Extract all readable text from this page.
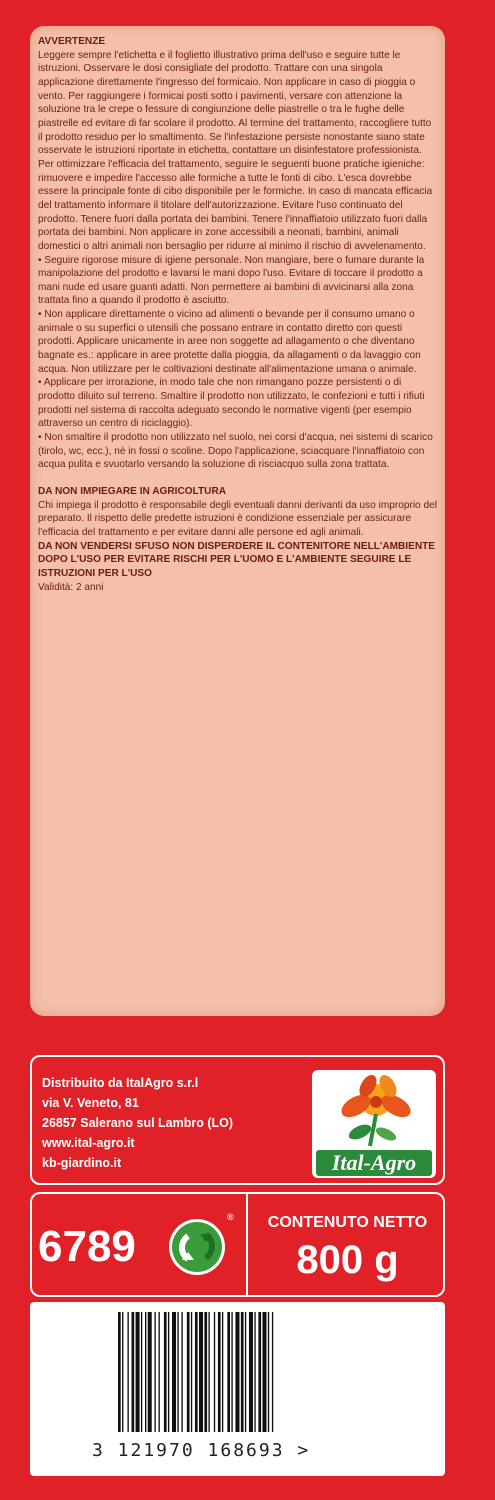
AVVERTENZE

Leggere sempre l'etichetta e il foglietto illustrativo prima dell'uso e seguire tutte le istruzioni. Osservare le dosi consigliate del prodotto. Trattare con una singola applicazione direttamente l'ingresso del formicaio. Non applicare in caso di pioggia o vento. Per raggiungere i formicai posti sotto i pavimenti, versare con attenzione la soluzione tra le crepe o fessure di congiunzione delle piastrelle o tra le fughe delle piastrelle ed evitare di far scolare il prodotto. Al termine del trattamento, raccogliere tutto il prodotto residuo per lo smaltimento. Se l'infestazione persiste nonostante siano state osservate le istruzioni riportate in etichetta, contattare un disinfestatore professionista. Per ottimizzare l'efficacia del trattamento, seguire le seguenti buone pratiche igieniche: rimuovere e impedire l'accesso alle formiche a tutte le fonti di cibo. L'esca dovrebbe essere la principale fonte di cibo disponibile per le formiche. In caso di mancata efficacia del trattamento informare il titolare dell'autorizzazione. Evitare l'uso continuato del prodotto. Tenere fuori dalla portata dei bambini. Tenere l'innaffiatoio utilizzato fuori dalla portata dei bambini. Non applicare in zone accessibili a neonati, bambini, animali domestici o altri animali non bersaglio per ridurre al minimo il rischio di avvelenamento.

• Seguire rigorose misure di igiene personale. Non mangiare, bere o fumare durante la manipolazione del prodotto e lavarsi le mani dopo l'uso. Evitare di toccare il prodotto a mani nude ed usare guanti adatti. Non permettere ai bambini di avvicinarsi alla zona trattata fino a quando il prodotto è asciutto.

• Non applicare direttamente o vicino ad alimenti o bevande per il consumo umano o animale o su superfici o utensili che possano entrare in contatto diretto con questi prodotti. Applicare unicamente in aree non soggette ad allagamento o che diventano bagnate es.: applicare in aree protette dalla pioggia, da allagamenti o da lavaggio con acqua. Non utilizzare per le coltivazioni destinate all'alimentazione umana o animale.

• Applicare per irrorazione, in modo tale che non rimangano pozze persistenti o di prodotto diluito sul terreno. Smaltire il prodotto non utilizzato, le confezioni e tutti i rifiuti prodotti nel sistema di raccolta adeguato secondo le normative vigenti (per esempio attraverso un centro di riciclaggio).

• Non smaltire il prodotto non utilizzato nel suolo, nei corsi d'acqua, nei sistemi di scarico (tirolo, wc, ecc.), nè in fossi o scoline. Dopo l'applicazione, sciacquare l'innaffiatoio con acqua pulita e svuotarlo versando la soluzione di risciacquo sulla zona trattata.

DA NON IMPIEGARE IN AGRICOLTURA

Chi impiega il prodotto è responsabile degli eventuali danni derivanti da uso improprio del preparato. Il rispetto delle predette istruzioni è condizione essenziale per assicurare l'efficacia del trattamento e per evitare danni alle persone ed agli animali.

DA NON VENDERSI SFUSO NON DISPERDERE IL CONTENITORE NELL'AMBIENTE DOPO L'USO PER EVITARE RISCHI PER L'UOMO E L'AMBIENTE SEGUIRE LE ISTRUZIONI PER L'USO

Validità: 2 anni

Distribuito da ItalAgro s.r.l
via V. Veneto, 81
26857 Salerano sul Lambro (LO)
www.ital-agro.it
kb-giardino.it	Ital-Agro
6789
®	CONTENUTO NETTO
800 g
3 121970 168693 >
